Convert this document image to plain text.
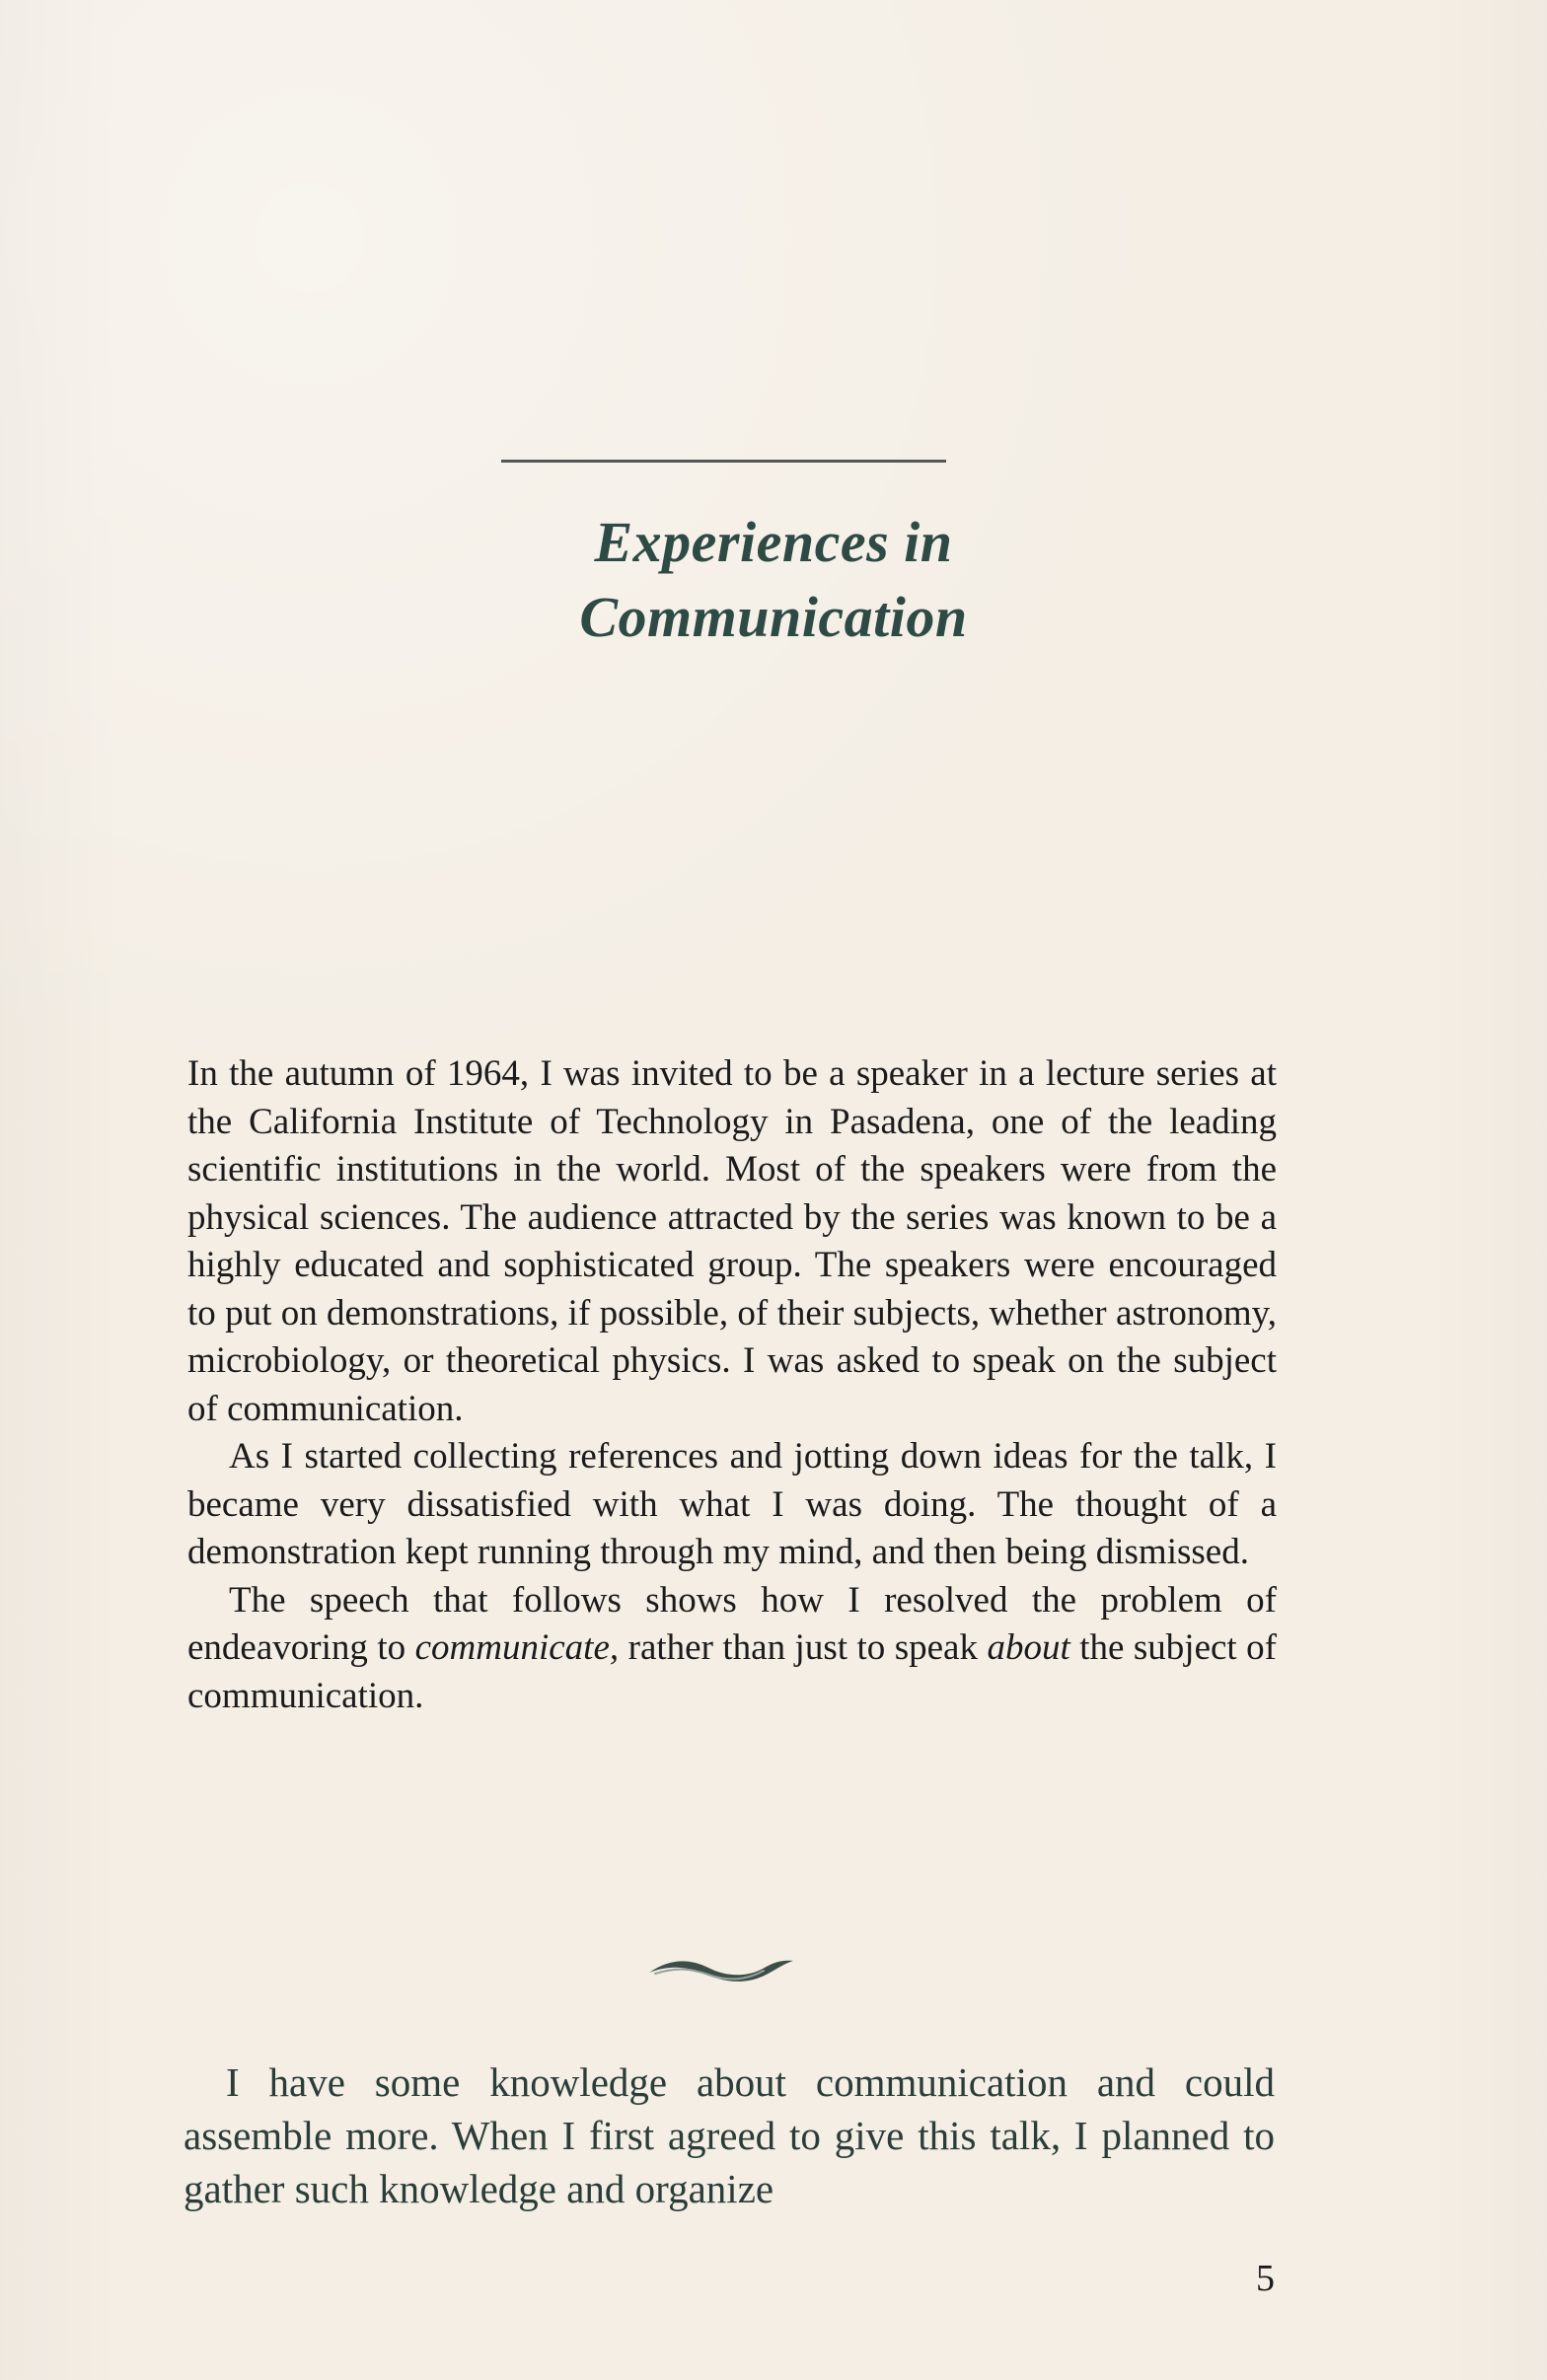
Experiences in
Communication

In the autumn of 1964, I was invited to be a speaker in a lecture series at the California Institute of Technology in Pasadena, one of the leading scientific institutions in the world. Most of the speakers were from the physical sciences. The audience attracted by the series was known to be a highly educated and sophisticated group. The speakers were encouraged to put on demonstrations, if possible, of their subjects, whether astronomy, microbiology, or theoretical physics. I was asked to speak on the subject of communication.

As I started collecting references and jotting down ideas for the talk, I became very dissatisfied with what I was doing. The thought of a demonstration kept running through my mind, and then being dismissed.

The speech that follows shows how I resolved the problem of endeavoring to communicate, rather than just to speak about the subject of communication.

I have some knowledge about communication and could assemble more. When I first agreed to give this talk, I planned to gather such knowledge and organize

5
